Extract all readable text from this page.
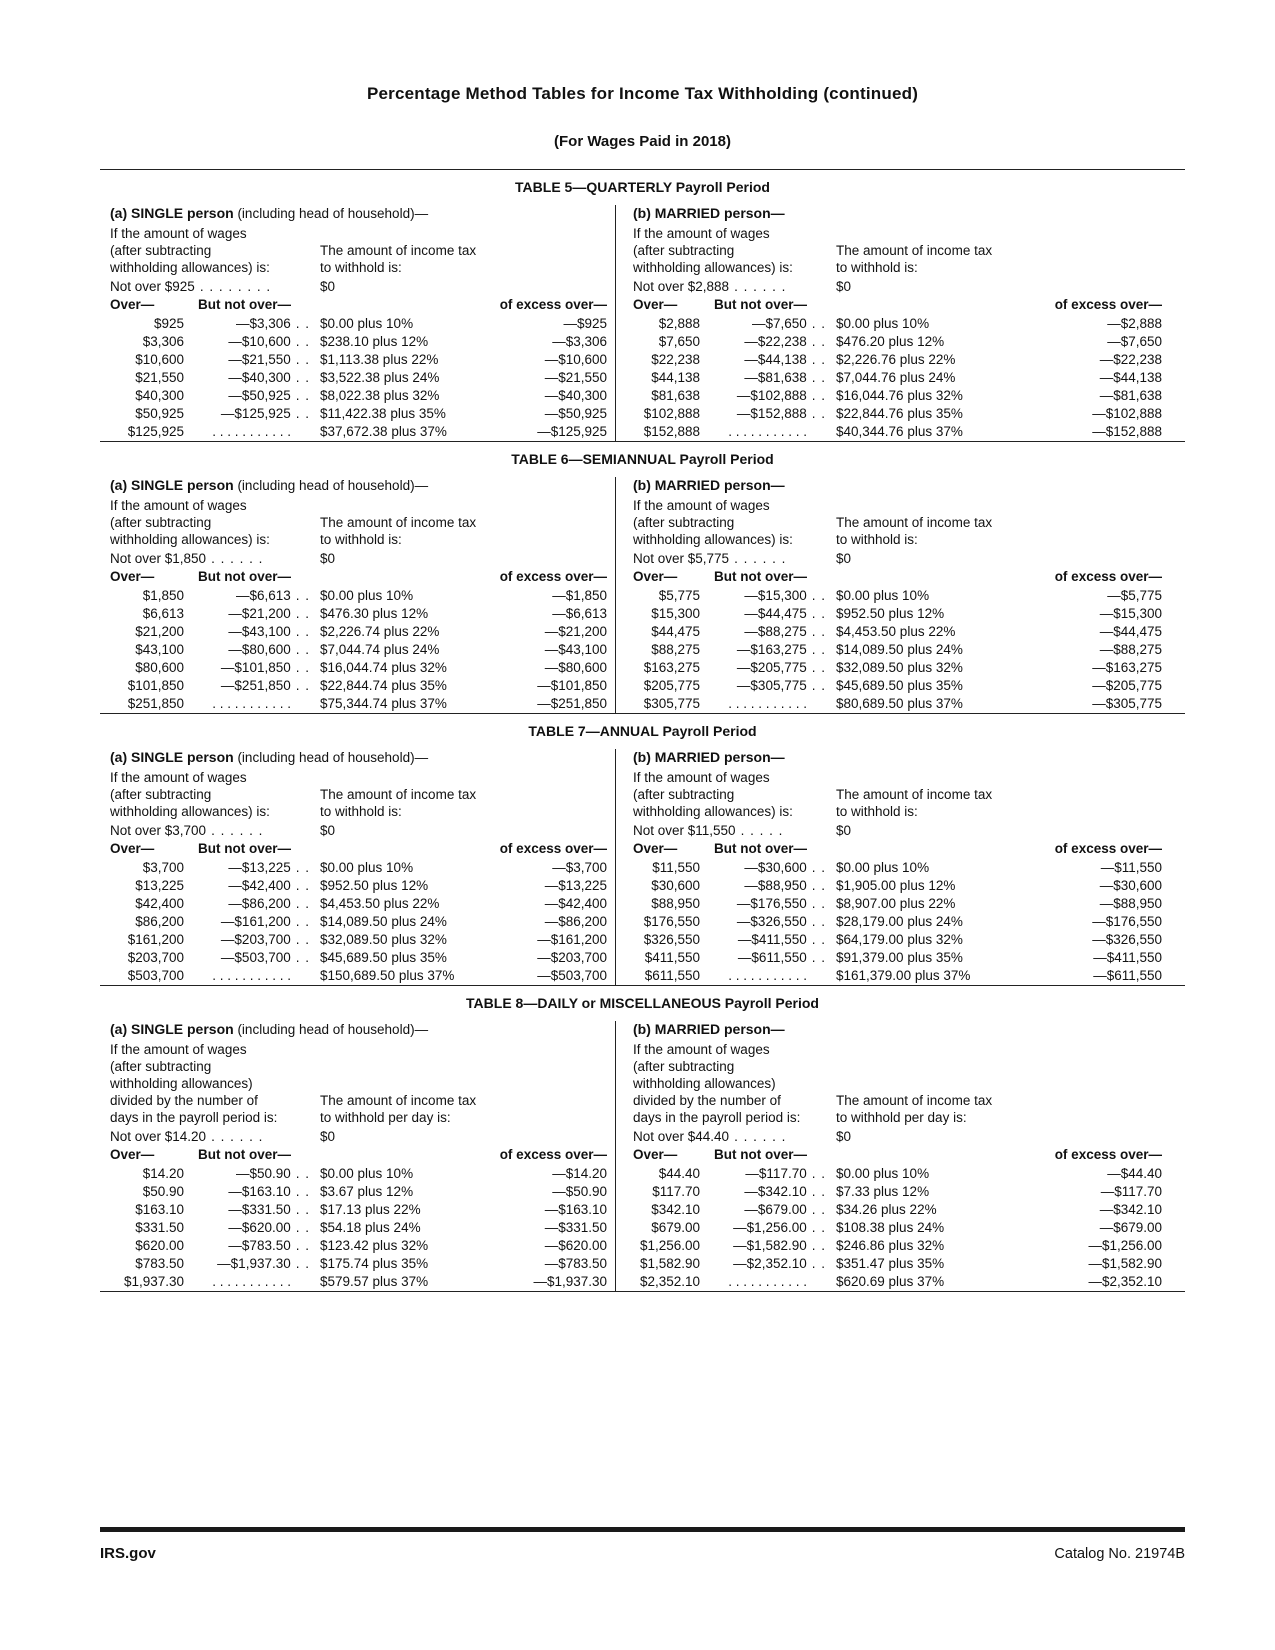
Percentage Method Tables for Income Tax Withholding (continued)
(For Wages Paid in 2018)
TABLE 5—QUARTERLY Payroll Period
(a) SINGLE person (including head of household)—
If the amount of wages
(after subtracting
withholding allowances) is:
The amount of income tax
to withhold is:
Not over $925 . . . . . . . .	$0
Over—	But not over—	of excess over—
$925	—$3,306 . . $0.00 plus 10%	—$925
$3,306	—$10,600 . . $238.10 plus 12%	—$3,306
$10,600	—$21,550 . . $1,113.38 plus 22%	—$10,600
$21,550	—$40,300 . . $3,522.38 plus 24%	—$21,550
$40,300	—$50,925 . . $8,022.38 plus 32%	—$40,300
$50,925	—$125,925 . . $11,422.38 plus 35%	—$50,925
$125,925	. . . . . . . . . . .	$37,672.38 plus 37%	—$125,925
(b) MARRIED person—
If the amount of wages
(after subtracting
withholding allowances) is:
The amount of income tax
to withhold is:
Not over $2,888 . . . . . .	$0
Over—	But not over—	of excess over—
$2,888	—$7,650 . . $0.00 plus 10%	—$2,888
$7,650	—$22,238 . . $476.20 plus 12%	—$7,650
$22,238	—$44,138 . . $2,226.76 plus 22%	—$22,238
$44,138	—$81,638 . . $7,044.76 plus 24%	—$44,138
$81,638	—$102,888 . . $16,044.76 plus 32%	—$81,638
$102,888	—$152,888 . . $22,844.76 plus 35%	—$102,888
$152,888	. . . . . . . . . . .	$40,344.76 plus 37%	—$152,888
TABLE 6—SEMIANNUAL Payroll Period
(a) SINGLE person (including head of household)—
If the amount of wages
(after subtracting
withholding allowances) is:
The amount of income tax
to withhold is:
Not over $1,850 . . . . . .	$0
Over—	But not over—	of excess over—
$1,850	—$6,613 . . $0.00 plus 10%	—$1,850
$6,613	—$21,200 . . $476.30 plus 12%	—$6,613
$21,200	—$43,100 . . $2,226.74 plus 22%	—$21,200
$43,100	—$80,600 . . $7,044.74 plus 24%	—$43,100
$80,600	—$101,850 . . $16,044.74 plus 32%	—$80,600
$101,850	—$251,850 . . $22,844.74 plus 35%	—$101,850
$251,850	. . . . . . . . . . .	$75,344.74 plus 37%	—$251,850
(b) MARRIED person—
If the amount of wages
(after subtracting
withholding allowances) is:
The amount of income tax
to withhold is:
Not over $5,775 . . . . . .	$0
Over—	But not over—	of excess over—
$5,775	—$15,300 . . $0.00 plus 10%	—$5,775
$15,300	—$44,475 . . $952.50 plus 12%	—$15,300
$44,475	—$88,275 . . $4,453.50 plus 22%	—$44,475
$88,275	—$163,275 . . $14,089.50 plus 24%	—$88,275
$163,275	—$205,775 . . $32,089.50 plus 32%	—$163,275
$205,775	—$305,775 . . $45,689.50 plus 35%	—$205,775
$305,775	. . . . . . . . . . .	$80,689.50 plus 37%	—$305,775
TABLE 7—ANNUAL Payroll Period
(a) SINGLE person (including head of household)—
If the amount of wages
(after subtracting
withholding allowances) is:
The amount of income tax
to withhold is:
Not over $3,700 . . . . . .	$0
Over—	But not over—	of excess over—
$3,700	—$13,225 . . $0.00 plus 10%	—$3,700
$13,225	—$42,400 . . $952.50 plus 12%	—$13,225
$42,400	—$86,200 . . $4,453.50 plus 22%	—$42,400
$86,200	—$161,200 . . $14,089.50 plus 24%	—$86,200
$161,200	—$203,700 . . $32,089.50 plus 32%	—$161,200
$203,700	—$503,700 . . $45,689.50 plus 35%	—$203,700
$503,700	. . . . . . . . . . .	$150,689.50 plus 37%	—$503,700
(b) MARRIED person—
If the amount of wages
(after subtracting
withholding allowances) is:
The amount of income tax
to withhold is:
Not over $11,550 . . . . .	$0
Over—	But not over—	of excess over—
$11,550	—$30,600 . . $0.00 plus 10%	—$11,550
$30,600	—$88,950 . . $1,905.00 plus 12%	—$30,600
$88,950	—$176,550 . . $8,907.00 plus 22%	—$88,950
$176,550	—$326,550 . . $28,179.00 plus 24%	—$176,550
$326,550	—$411,550 . . $64,179.00 plus 32%	—$326,550
$411,550	—$611,550 . . $91,379.00 plus 35%	—$411,550
$611,550	. . . . . . . . . . .	$161,379.00 plus 37%	—$611,550
TABLE 8—DAILY or MISCELLANEOUS Payroll Period
(a) SINGLE person (including head of household)—
If the amount of wages
(after subtracting
withholding allowances)
divided by the number of
days in the payroll period is:
The amount of income tax
to withhold per day is:
Not over $14.20 . . . . . .	$0
Over—	But not over—	of excess over—
$14.20	—$50.90 . . $0.00 plus 10%	—$14.20
$50.90	—$163.10 . . $3.67 plus 12%	—$50.90
$163.10	—$331.50 . . $17.13 plus 22%	—$163.10
$331.50	—$620.00 . . $54.18 plus 24%	—$331.50
$620.00	—$783.50 . . $123.42 plus 32%	—$620.00
$783.50	—$1,937.30 . . $175.74 plus 35%	—$783.50
$1,937.30	. . . . . . . . . . .	$579.57 plus 37%	—$1,937.30
(b) MARRIED person—
If the amount of wages
(after subtracting
withholding allowances)
divided by the number of
days in the payroll period is:
The amount of income tax
to withhold per day is:
Not over $44.40 . . . . . .	$0
Over—	But not over—	of excess over—
$44.40	—$117.70 . . $0.00 plus 10%	—$44.40
$117.70	—$342.10 . . $7.33 plus 12%	—$117.70
$342.10	—$679.00 . . $34.26 plus 22%	—$342.10
$679.00	—$1,256.00 . . $108.38 plus 24%	—$679.00
$1,256.00	—$1,582.90 . . $246.86 plus 32%	—$1,256.00
$1,582.90	—$2,352.10 . . $351.47 plus 35%	—$1,582.90
$2,352.10	. . . . . . . . . . .	$620.69 plus 37%	—$2,352.10
IRS.gov	Catalog No. 21974B
